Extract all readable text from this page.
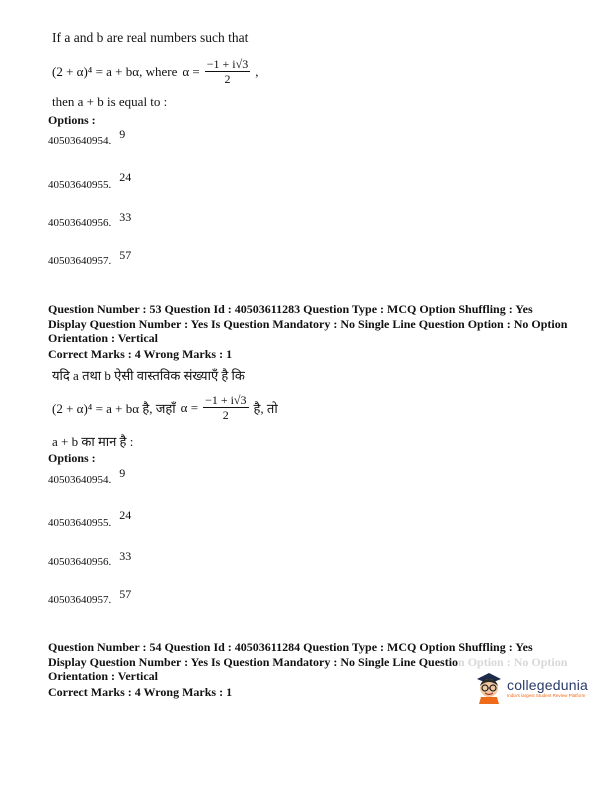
If a and b are real numbers such that
(2 + α)⁴ = a + bα, where $\alpha = \frac{-1 + i√3}{2}$ ,
then a + b is equal to :
Options :
40503640954. $^9$
40503640955. $^{24}$
40503640956. $^{33}$
40503640957. $^{57}$
Question Number : 53 Question Id : 40503611283 Question Type : MCQ Option Shuffling : Yes
Display Question Number : Yes Is Question Mandatory : No Single Line Question Option : No Option
Orientation : Vertical
Correct Marks : 4 Wrong Marks : 1
यदि a तथा b ऐसी वास्तविक संख्याएँ है कि
(2 + α)⁴ = a + bα है, जहाँ $\alpha = \frac{-1 + i√3}{2}$ है, तो
a + b का मान है :
Options :
40503640954. $^9$
40503640955. $^{24}$
40503640956. $^{33}$
40503640957. $^{57}$
Question Number : 54 Question Id : 40503611284 Question Type : MCQ Option Shuffling : Yes
Display Question Number : Yes Is Question Mandatory : No Single Line Question Option : No Option
Orientation : Vertical
Correct Marks : 4 Wrong Marks : 1	collegedunia
India's largest Student Review Platform
